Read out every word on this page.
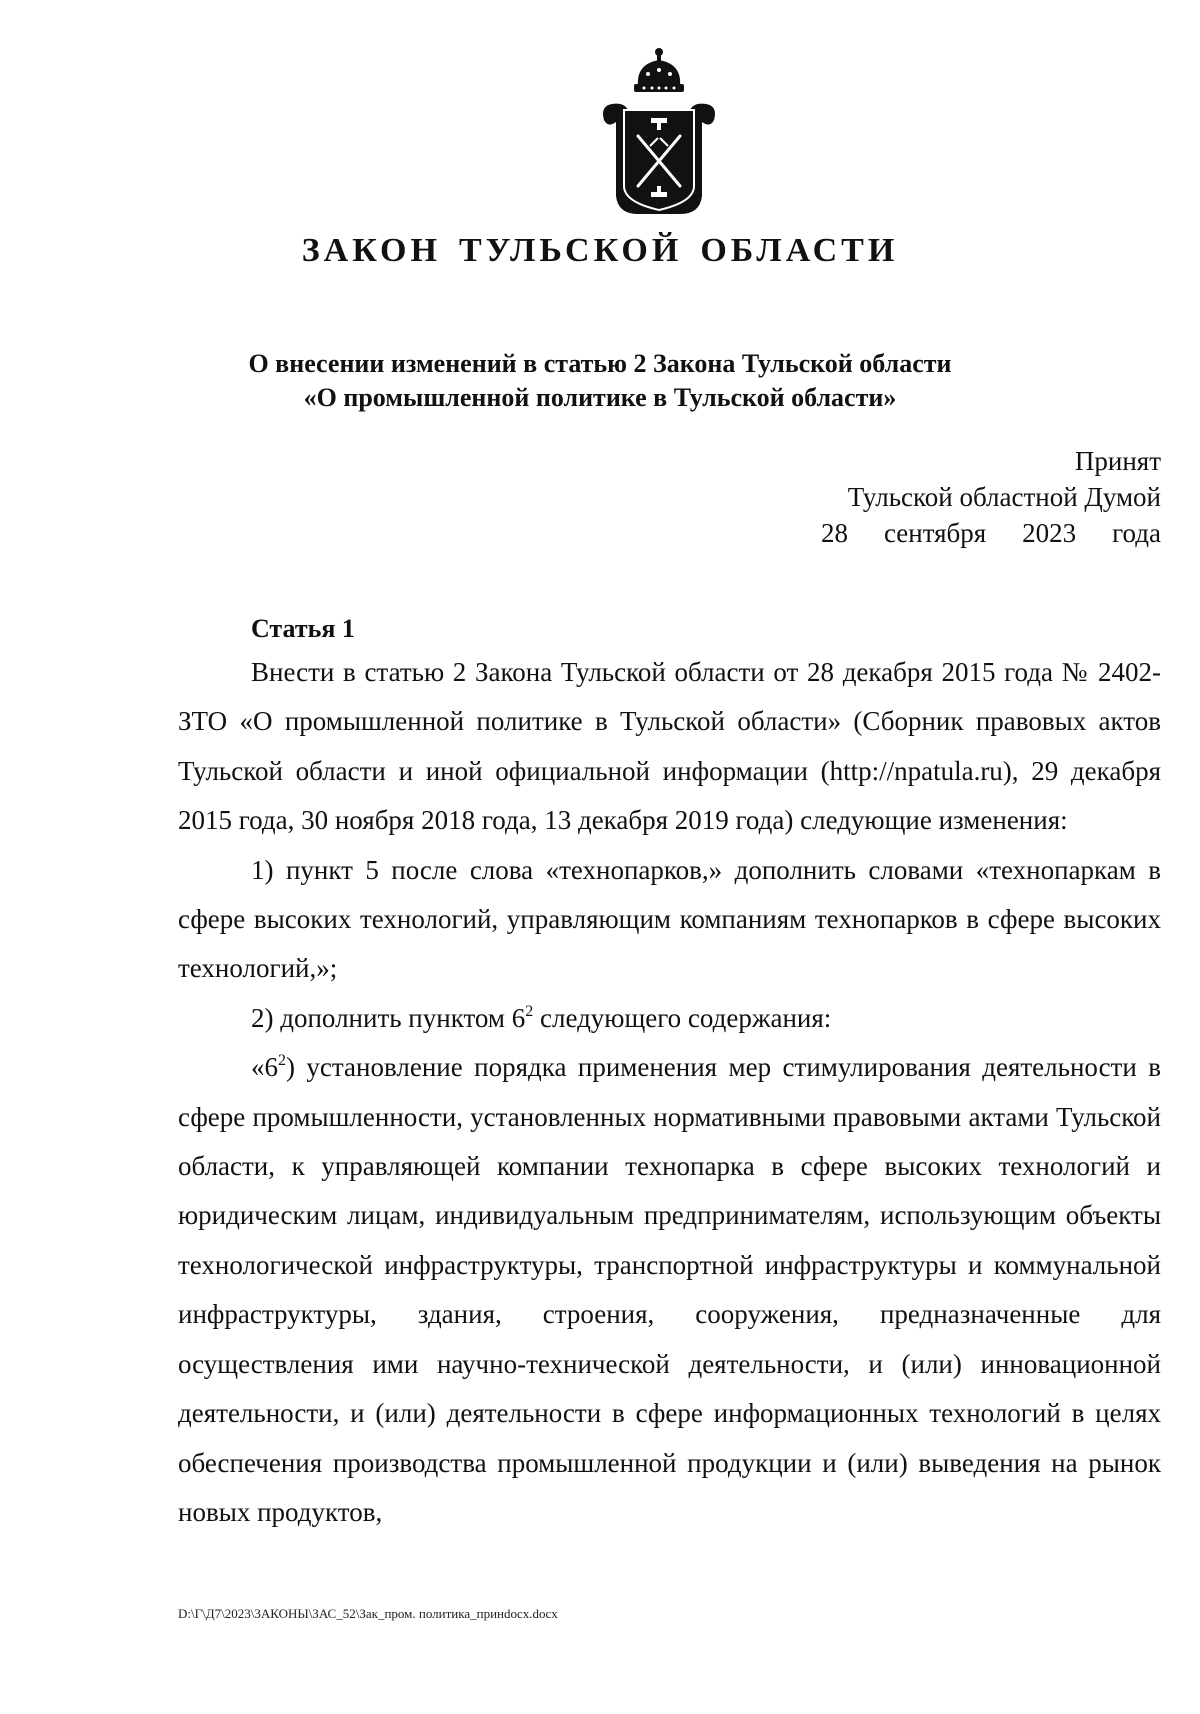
ЗАКОН ТУЛЬСКОЙ ОБЛАСТИ
О внесении изменений в статью 2 Закона Тульской области
«О промышленной политике в Тульской области»
Принят
Тульской областной Думой
28 сентября 2023 года
Статья 1

Внести в статью 2 Закона Тульской области от 28 декабря 2015 года № 2402-ЗТО «О промышленной политике в Тульской области» (Сборник правовых актов Тульской области и иной официальной информации (http://npatula.ru), 29 декабря 2015 года, 30 ноября 2018 года, 13 декабря 2019 года) следующие изменения:

1) пункт 5 после слова «технопарков,» дополнить словами «технопаркам в сфере высоких технологий, управляющим компаниям технопарков в сфере высоких технологий,»;

2) дополнить пунктом $6^2$ следующего содержания:

«$6^2$) установление порядка применения мер стимулирования деятельности в сфере промышленности, установленных нормативными правовыми актами Тульской области, к управляющей компании технопарка в сфере высоких технологий и юридическим лицам, индивидуальным предпринимателям, использующим объекты технологической инфраструктуры, транспортной инфраструктуры и коммунальной инфраструктуры, здания, строения, сооружения, предназначенные для осуществления ими научно-технической деятельности, и (или) инновационной деятельности, и (или) деятельности в сфере информационных технологий в целях обеспечения производства промышленной продукции и (или) выведения на рынок новых продуктов,

D:\Г\Д7\2023\ЗАКОНЫ\ЗАС_52\Зак_пром. политика_принdocx.docx
